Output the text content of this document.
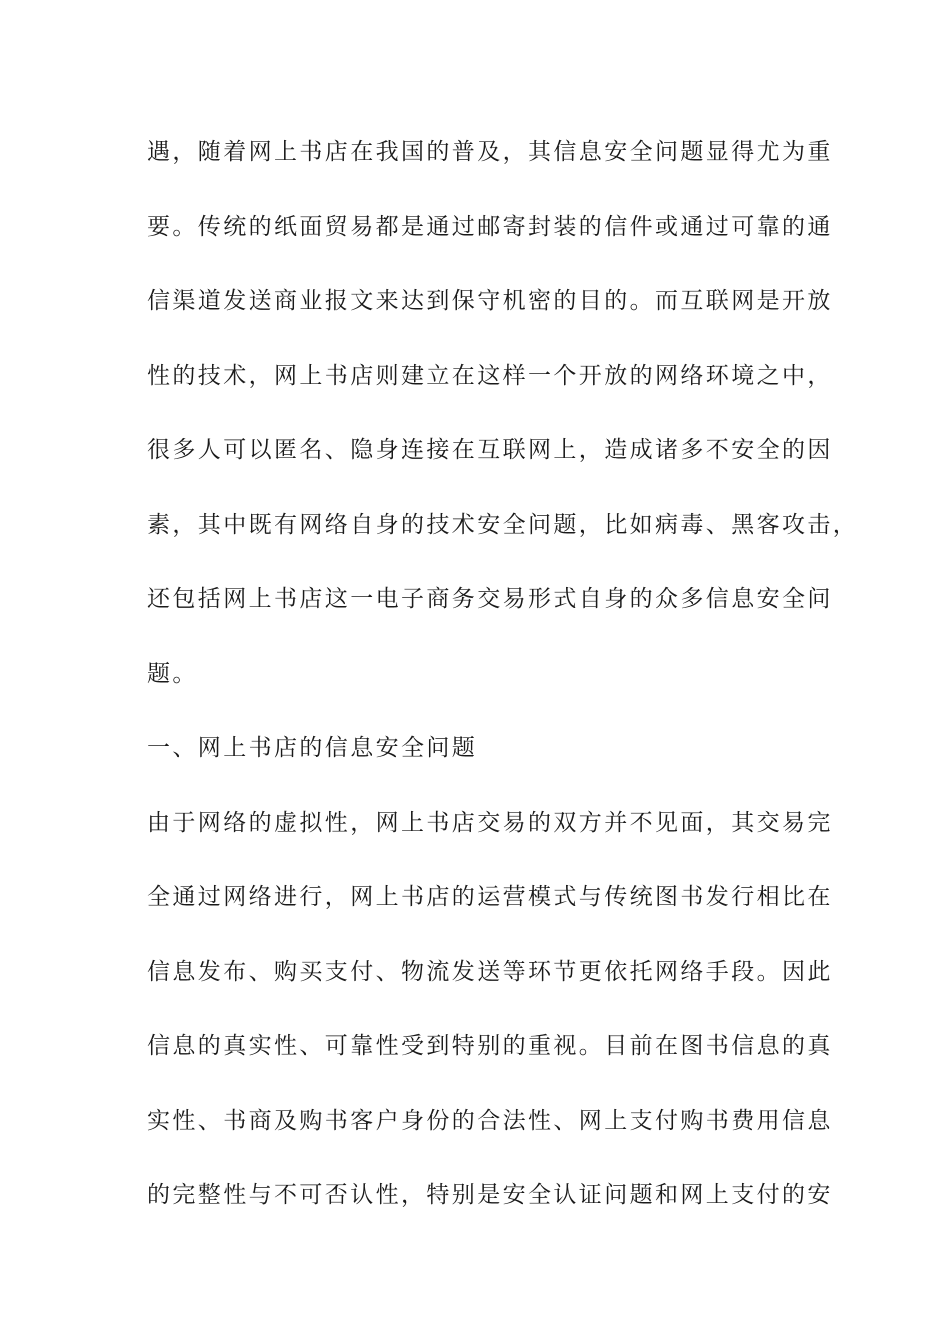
遇，随着网上书店在我国的普及，其信息安全问题显得尤为重
要。传统的纸面贸易都是通过邮寄封装的信件或通过可靠的通
信渠道发送商业报文来达到保守机密的目的。而互联网是开放
性的技术，网上书店则建立在这样一个开放的网络环境之中，
很多人可以匿名、隐身连接在互联网上，造成诸多不安全的因
素，其中既有网络自身的技术安全问题，比如病毒、黑客攻击，
还包括网上书店这一电子商务交易形式自身的众多信息安全问
题。
一、网上书店的信息安全问题
由于网络的虚拟性，网上书店交易的双方并不见面，其交易完
全通过网络进行，网上书店的运营模式与传统图书发行相比在
信息发布、购买支付、物流发送等环节更依托网络手段。因此
信息的真实性、可靠性受到特别的重视。目前在图书信息的真
实性、书商及购书客户身份的合法性、网上支付购书费用信息
的完整性与不可否认性，特别是安全认证问题和网上支付的安
